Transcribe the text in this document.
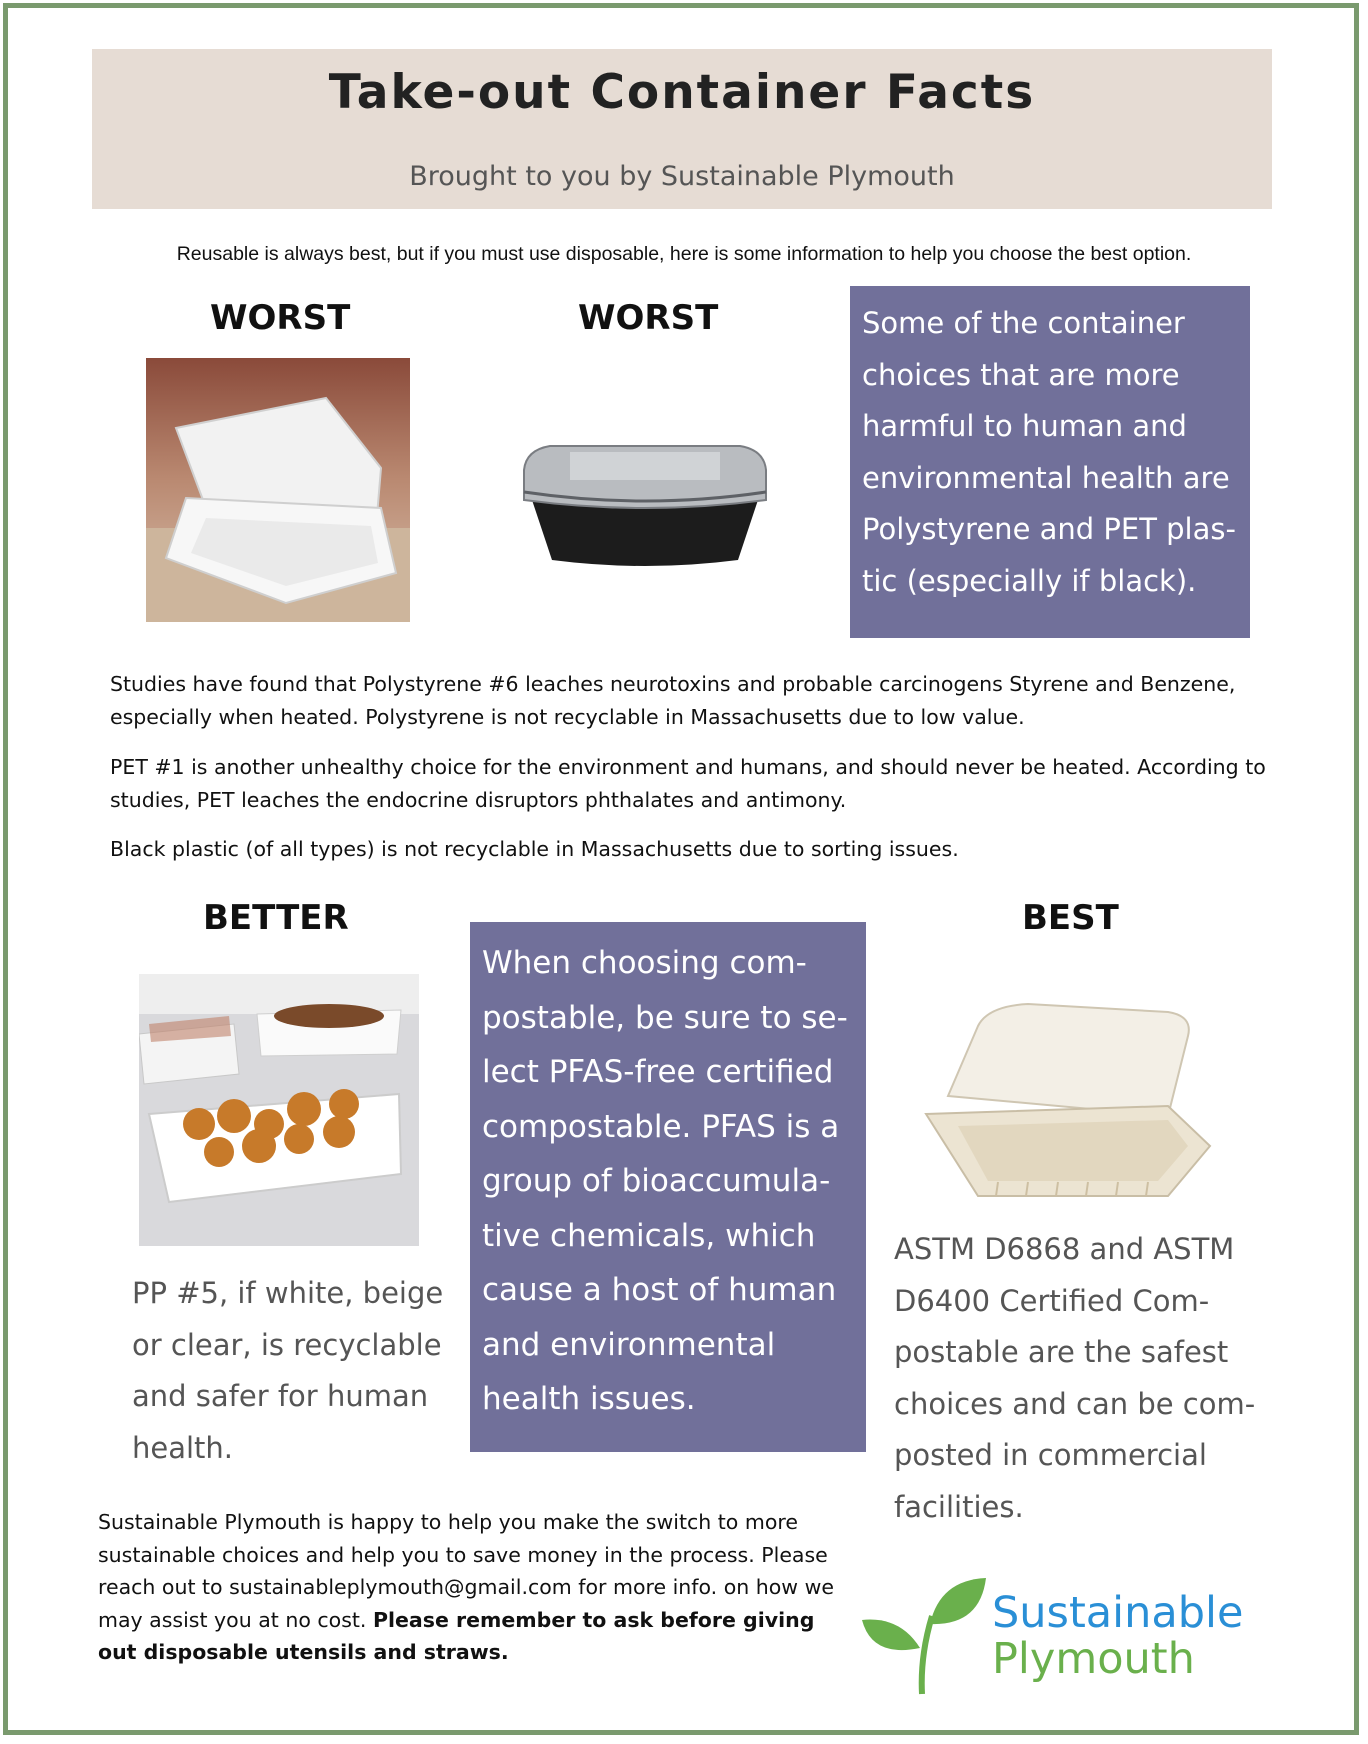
Take-out Container Facts
Brought to you by Sustainable Plymouth
Reusable is always best, but if you must use disposable, here is some information to help you choose the best option.
WORST	WORST	Some of the container choices that are more harmful to human and environmental health are Polystyrene and PET plas-tic (especially if black).
Studies have found that Polystyrene #6 leaches neurotoxins and probable carcinogens Styrene and Benzene, especially when heated. Polystyrene is not recyclable in Massachusetts due to low value.
PET #1 is another unhealthy choice for the environment and humans, and should never be heated. According to studies, PET leaches the endocrine disruptors phthalates and antimony.
Black plastic (of all types) is not recyclable in Massachusetts due to sorting issues.
BETTER
PP #5, if white, beige or clear, is recyclable and safer for human health.
When choosing com-postable, be sure to se-lect PFAS-free certified compostable. PFAS is a group of bioaccumula-tive chemicals, which cause a host of human and environmental health issues.
BEST
ASTM D6868 and ASTM D6400 Certified Com-postable are the safest choices and can be com-posted in commercial facilities.
Sustainable Plymouth is happy to help you make the switch to more sustainable choices and help you to save money in the process. Please reach out to sustainableplymouth@gmail.com for more info. on how we may assist you at no cost. Please remember to ask before giving out disposable utensils and straws.
Sustainable
Plymouth
